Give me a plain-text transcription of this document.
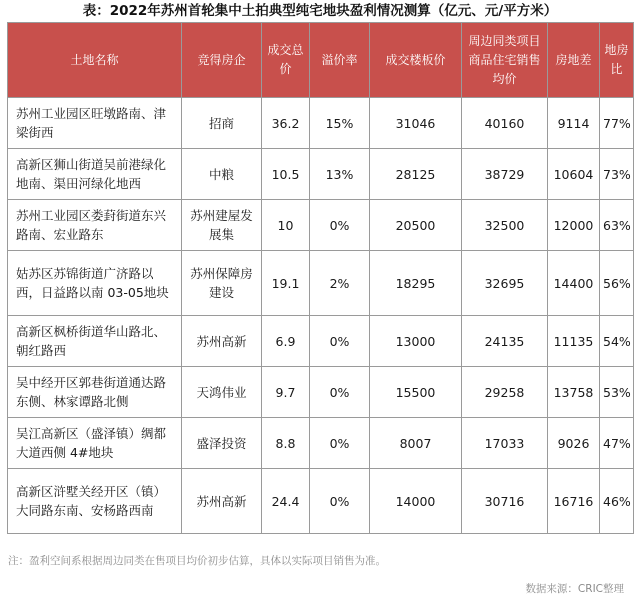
表：2022年苏州首轮集中土拍典型纯宅地块盈利情况测算（亿元、元/平方米）
土地名称	竞得房企	成交总价	溢价率	成交楼板价	周边同类项目商品住宅销售均价	房地差	地房比
苏州工业园区旺墩路南、津梁街西	招商	36.2	15%	31046	40160	9114	77%
高新区狮山街道吴前港绿化地南、渠田河绿化地西	中粮	10.5	13%	28125	38729	10604	73%
苏州工业园区娄葑街道东兴路南、宏业路东	苏州建屋发展集	10	0%	20500	32500	12000	63%
姑苏区苏锦街道广济路以西，日益路以南 03-05地块	苏州保障房建设	19.1	2%	18295	32695	14400	56%
高新区枫桥街道华山路北、朝红路西	苏州高新	6.9	0%	13000	24135	11135	54%
吴中经开区郭巷街道通达路东侧、林家谭路北侧	天鸿伟业	9.7	0%	15500	29258	13758	53%
吴江高新区（盛泽镇）绸都大道西侧 4#地块	盛泽投资	8.8	0%	8007	17033	9026	47%
高新区浒墅关经开区（镇）大同路东南、安杨路西南	苏州高新	24.4	0%	14000	30716	16716	46%
注：盈利空间系根据周边同类在售项目均价初步估算，具体以实际项目销售为准。
数据来源：CRIC整理
